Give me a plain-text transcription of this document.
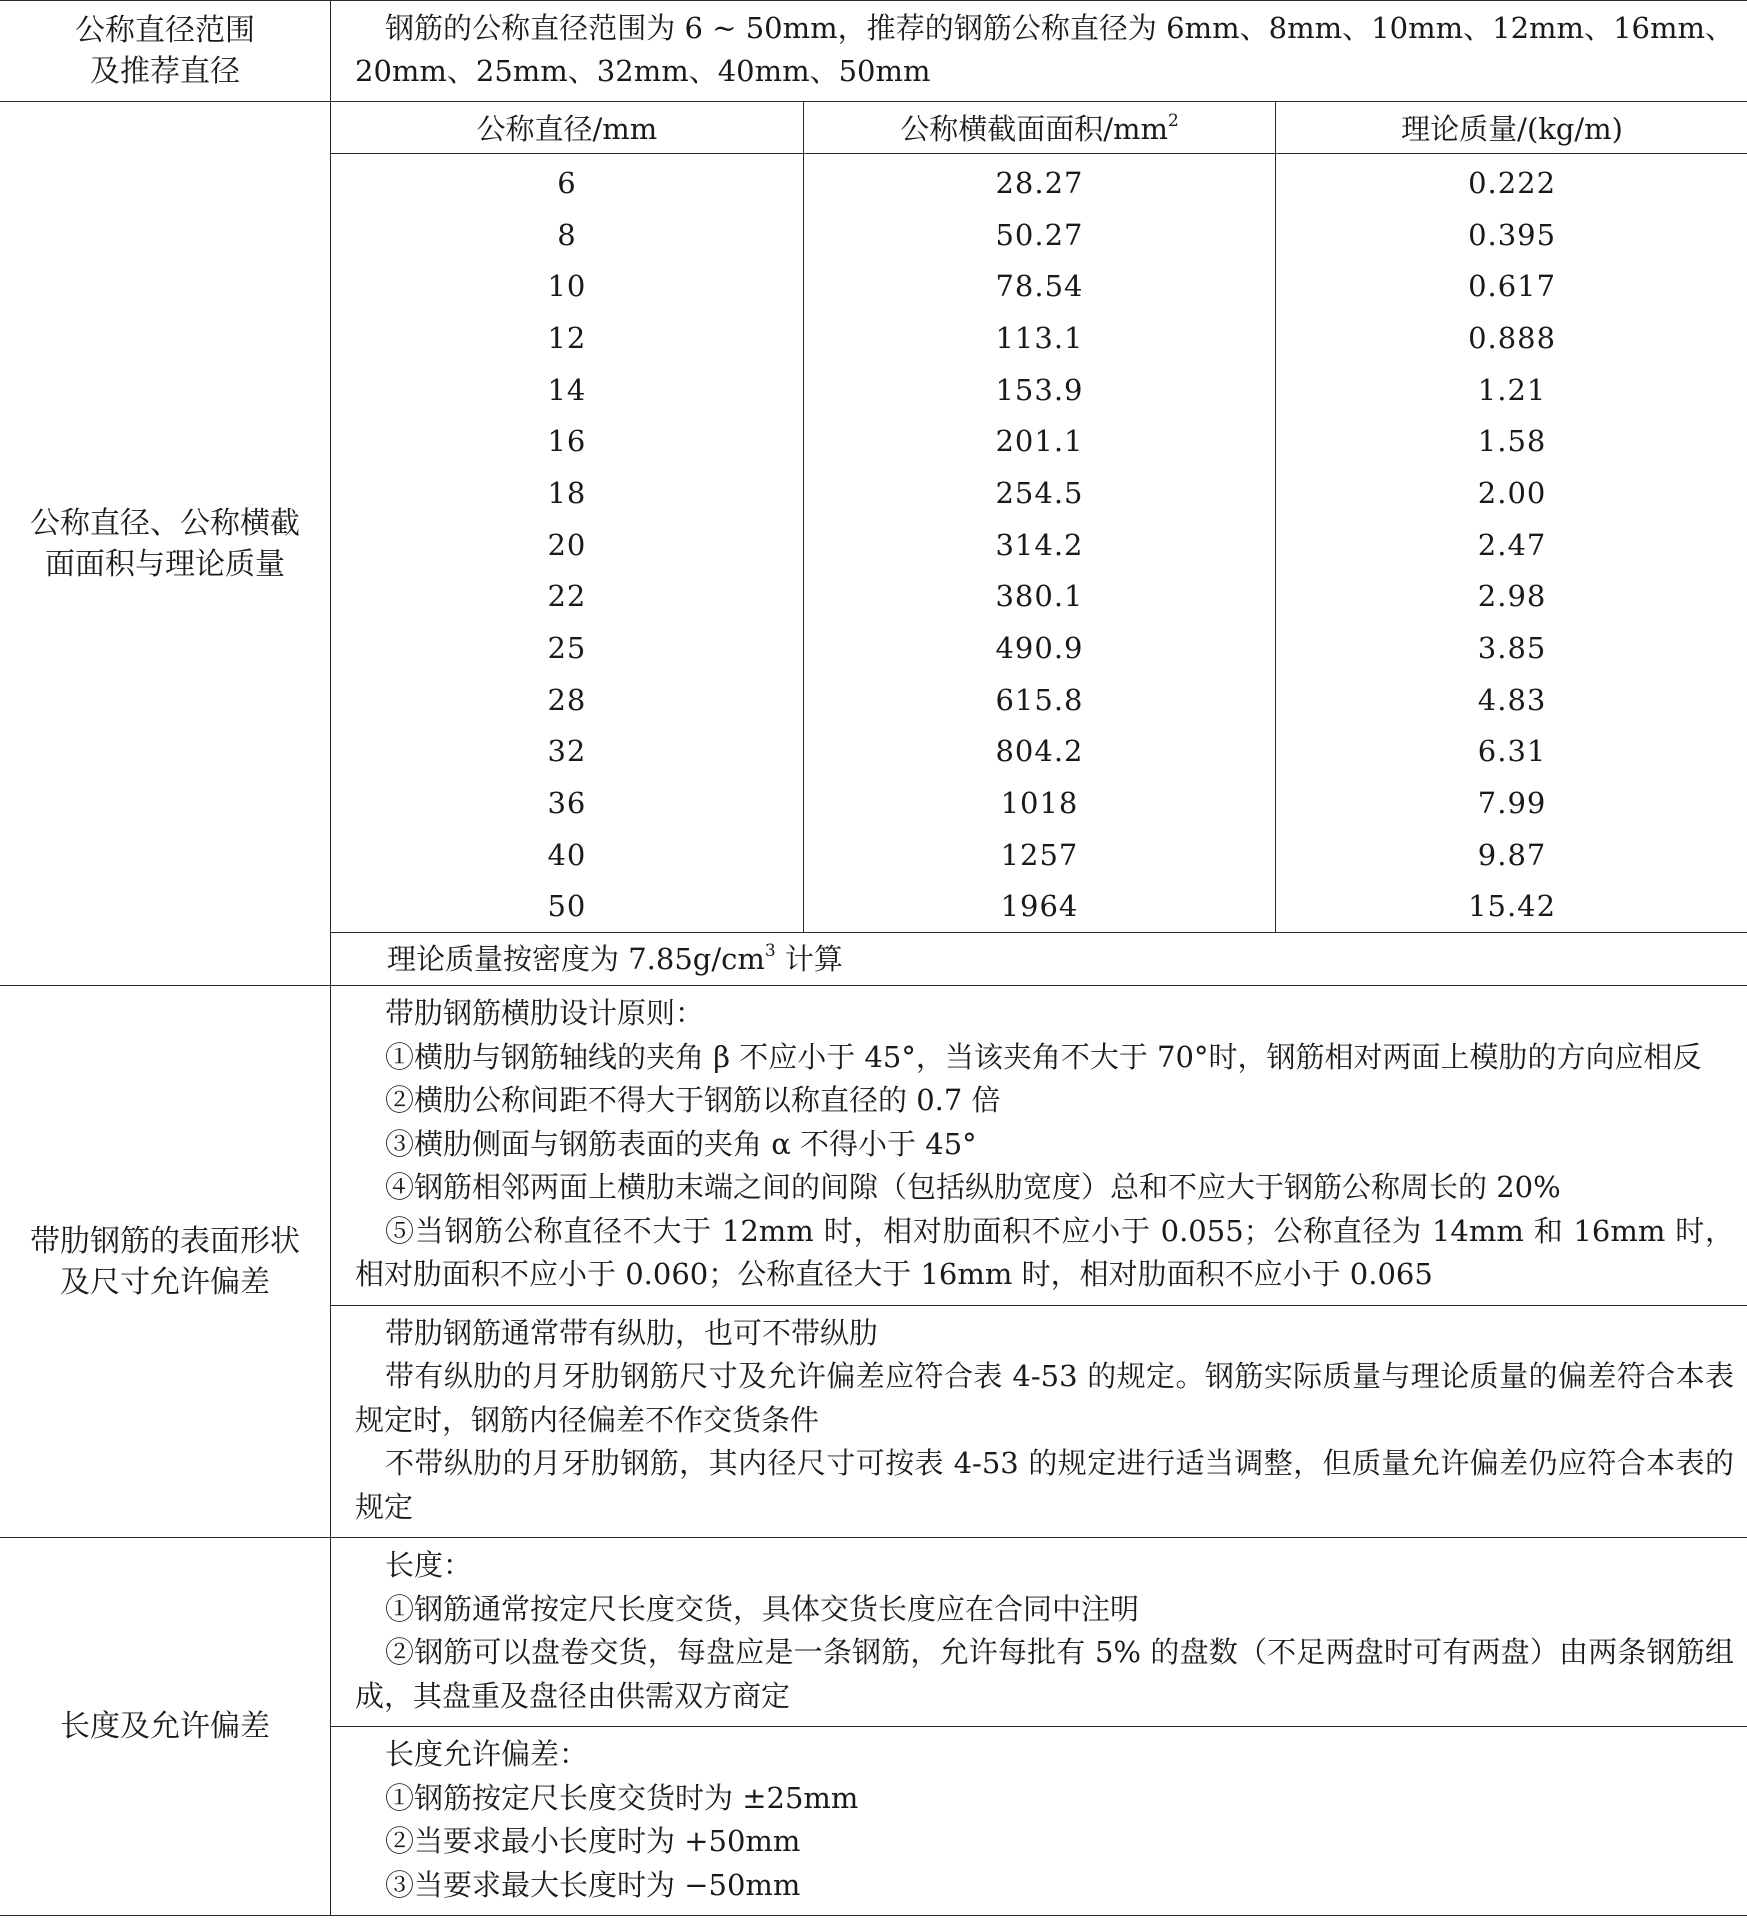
公称直径范围
及推荐直径

钢筋的公称直径范围为 6 ~ 50mm，推荐的钢筋公称直径为 6mm、8mm、10mm、12mm、16mm、20mm、25mm、32mm、40mm、50mm

公称直径、公称横截
面面积与理论质量

公称直径/mm	公称横截面面积$/mm^2$	理论质量/(kg/m)
6	28.27	0.222
8	50.27	0.395
10	78.54	0.617
12	113.1	0.888
14	153.9	1.21
16	201.1	1.58
18	254.5	2.00
20	314.2	2.47
22	380.1	2.98
25	490.9	3.85
28	615.8	4.83
32	804.2	6.31
36	1018	7.99
40	1257	9.87
50	1964	15.42
理论质量按密度为 $7.85g/cm^3$ 计算

带肋钢筋的表面形状
及尺寸允许偏差

带肋钢筋横肋设计原则：
①横肋与钢筋轴线的夹角 β 不应小于 45°，当该夹角不大于 70°时，钢筋相对两面上模肋的方向应相反
②横肋公称间距不得大于钢筋以称直径的 0.7 倍
③横肋侧面与钢筋表面的夹角 α 不得小于 45°
④钢筋相邻两面上横肋末端之间的间隙（包括纵肋宽度）总和不应大于钢筋公称周长的 20%
⑤当钢筋公称直径不大于 12mm 时，相对肋面积不应小于 0.055；公称直径为 14mm 和 16mm 时，相对肋面积不应小于 0.060；公称直径大于 16mm 时，相对肋面积不应小于 0.065
带肋钢筋通常带有纵肋，也可不带纵肋
带有纵肋的月牙肋钢筋尺寸及允许偏差应符合表 4-53 的规定。钢筋实际质量与理论质量的偏差符合本表规定时，钢筋内径偏差不作交货条件
不带纵肋的月牙肋钢筋，其内径尺寸可按表 4-53 的规定进行适当调整，但质量允许偏差仍应符合本表的规定

长度及允许偏差

长度：
①钢筋通常按定尺长度交货，具体交货长度应在合同中注明
②钢筋可以盘卷交货，每盘应是一条钢筋，允许每批有 5% 的盘数（不足两盘时可有两盘）由两条钢筋组成，其盘重及盘径由供需双方商定
长度允许偏差：
①钢筋按定尺长度交货时为 ±25mm
②当要求最小长度时为 +50mm
③当要求最大长度时为 −50mm
